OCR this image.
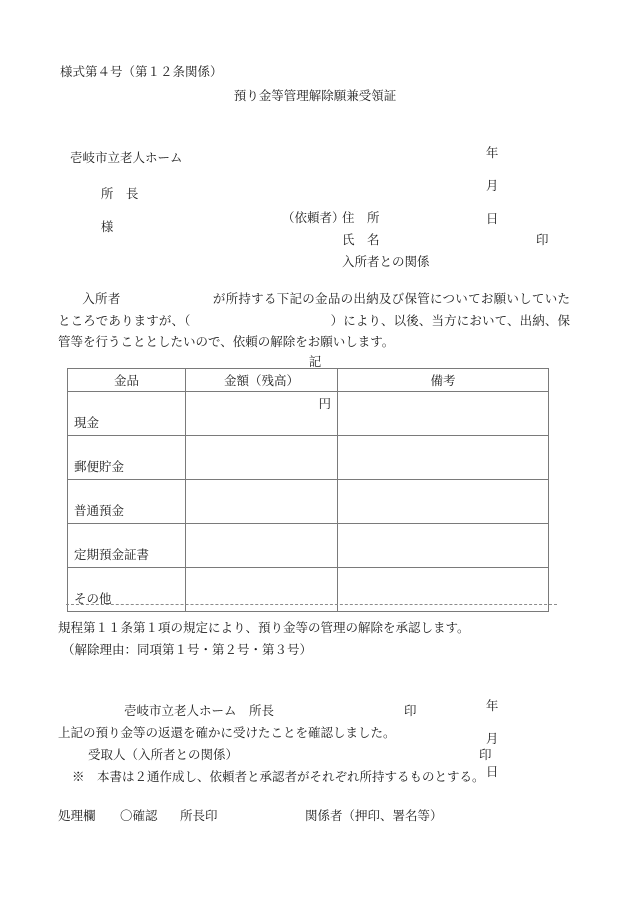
様式第４号（第１２条関係）
預り金等管理解除願兼受領証

年

月

日

壱岐市立老人ホーム

所　長

様

（依頼者）
住　所
氏　名	印
入所者との関係
入所者	が所持する下記の金品の出納及び保管についてお願いしていたところでありますが、（	）により、以後、当方において、出納、保管等を行うこととしたいので、依頼の解除をお願いします。
記
金品	金額（残高）	備考
現金	円	
郵便貯金		
普通預金		
定期預金証書		
その他		
規程第１１条第１項の規定により、預り金等の管理の解除を承認します。
（解除理由：同項第１号・第２号・第３号）

年

月

日

壱岐市立老人ホーム　所長	印
上記の預り金等の返還を確かに受けたことを確認しました。
受取人（入所者との関係）	印
※　本書は２通作成し、依頼者と承認者がそれぞれ所持するものとする。
処理欄 〇確認 所長印	関係者（押印、署名等）
